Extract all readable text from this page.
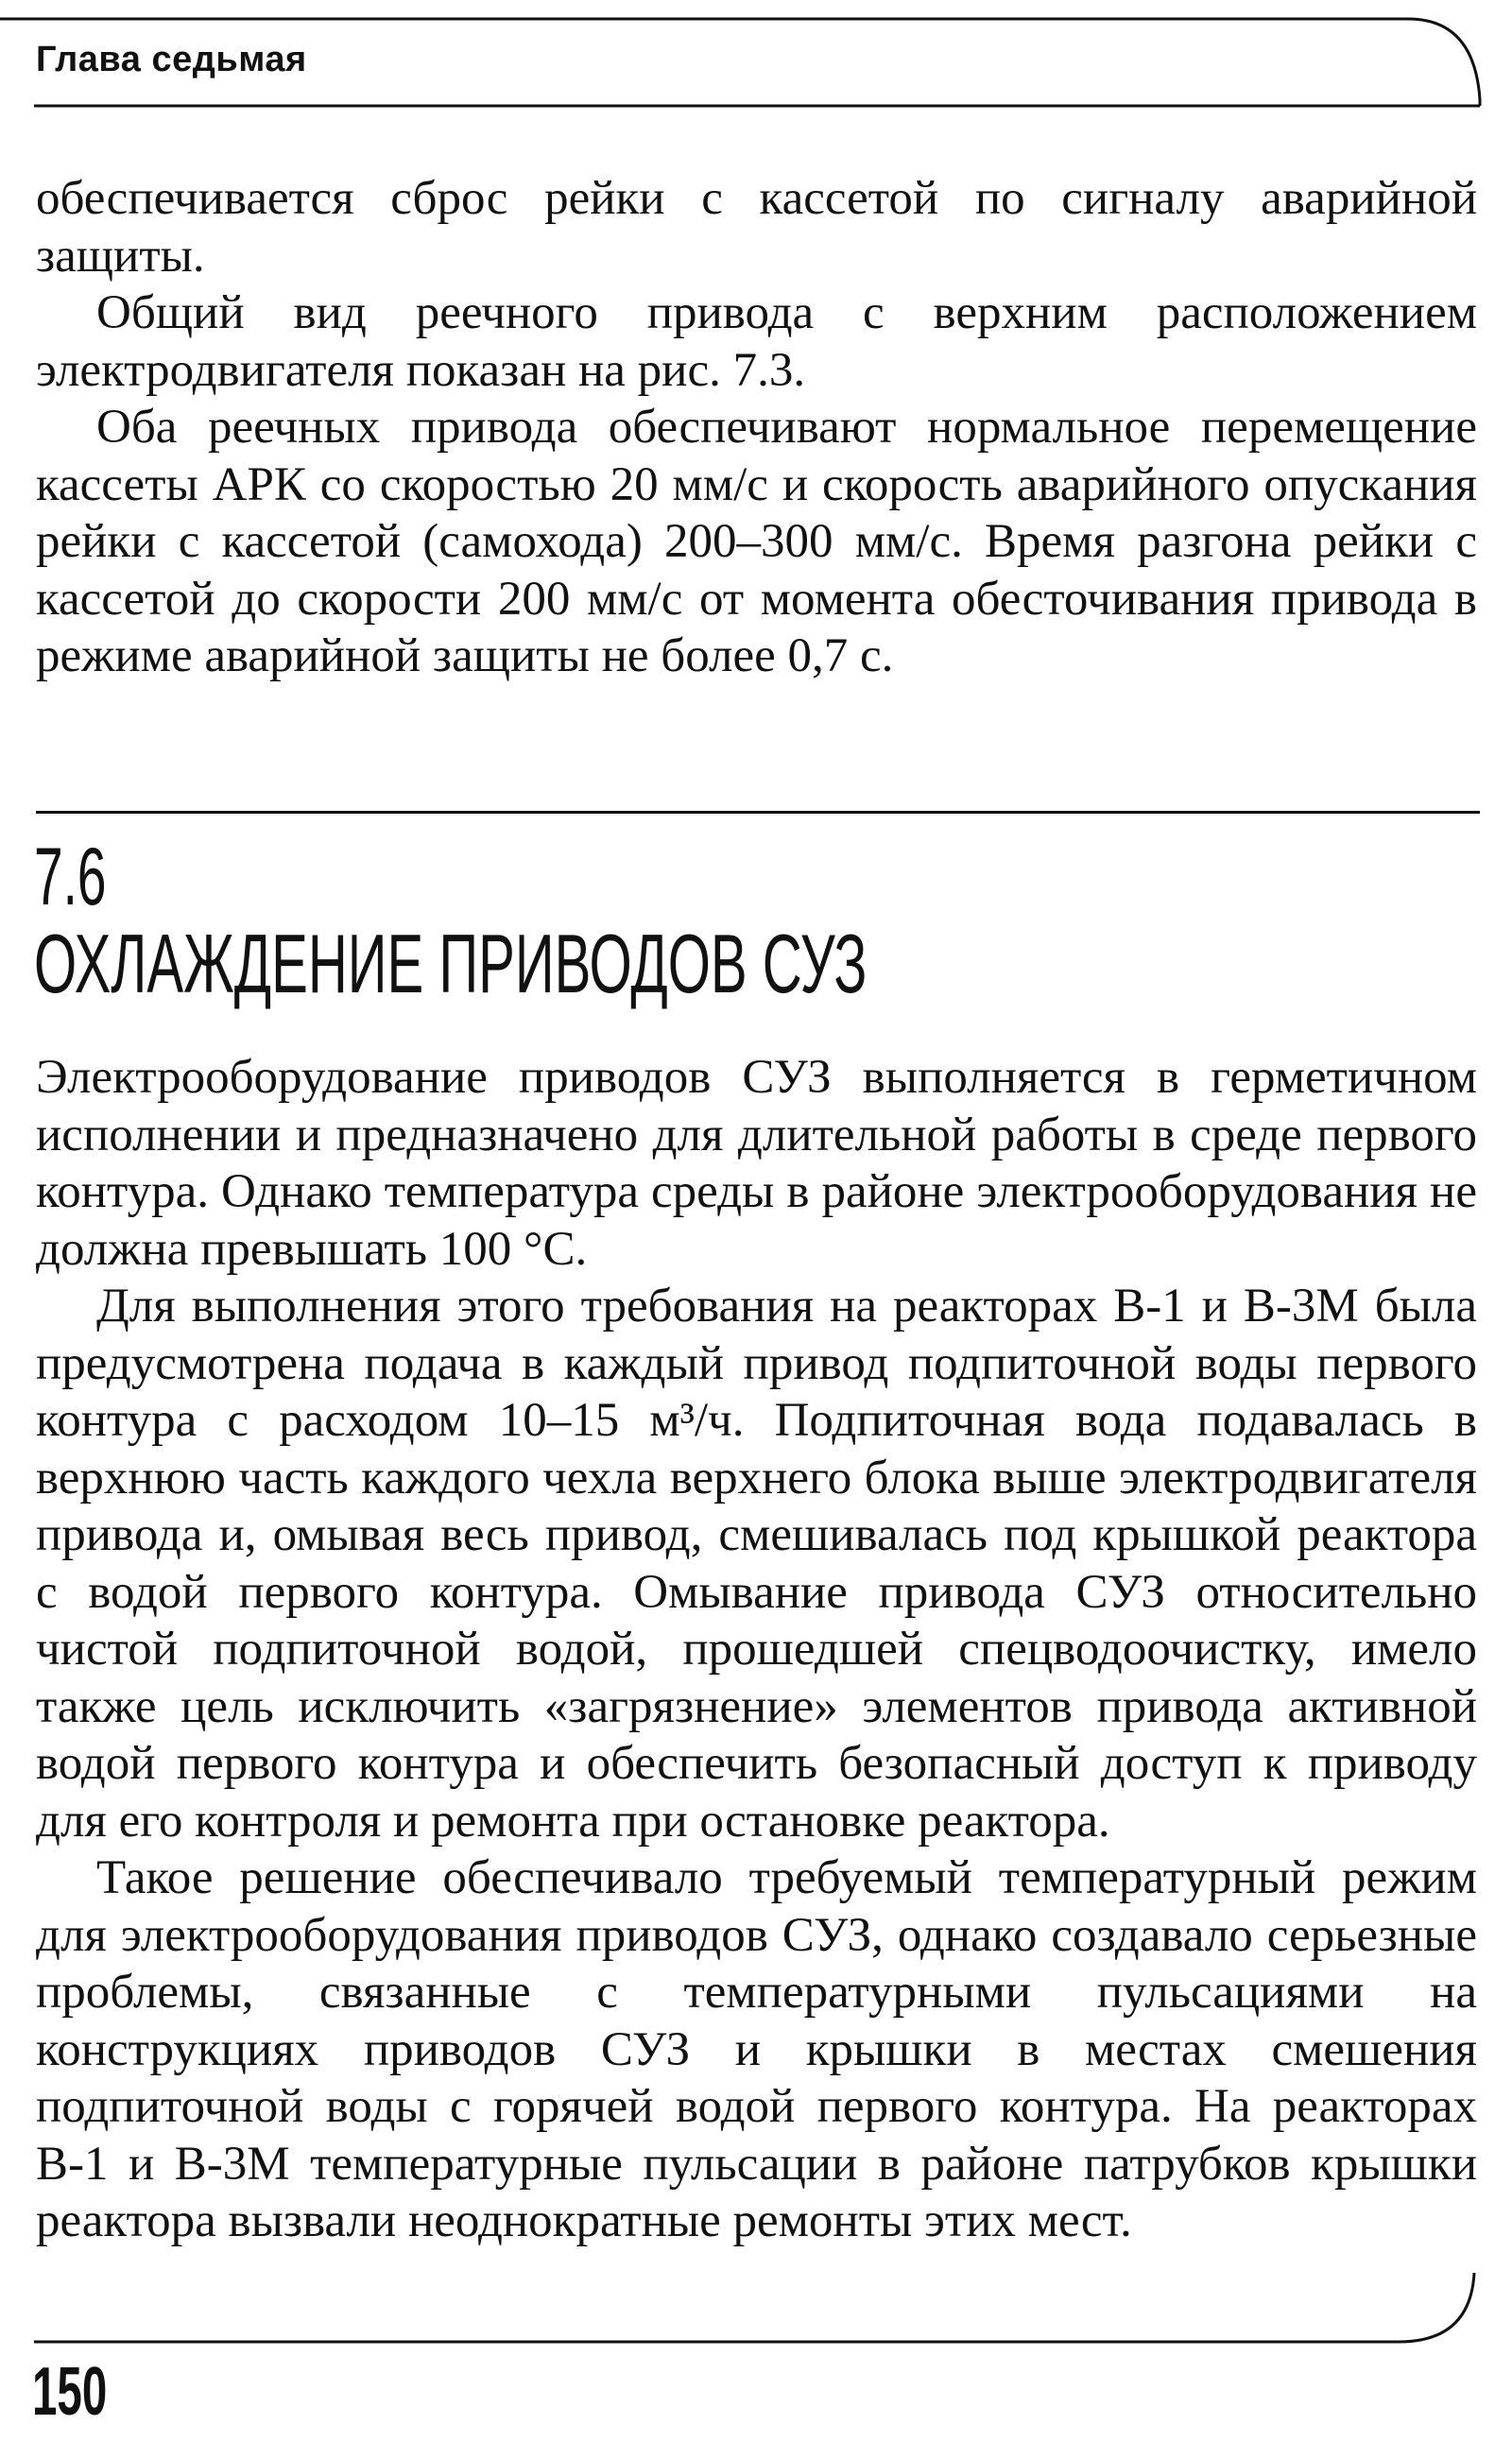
Глава седьмая

обеспечивается сброс рейки с кассетой по сигналу аварийной защиты.

Общий вид реечного привода с верхним расположением электродвигателя показан на рис. 7.3.

Оба реечных привода обеспечивают нормальное перемещение кассеты АРК со скоростью 20 мм/с и скорость аварийного опускания рейки с кассетой (самохода) 200–300 мм/с. Время разгона рейки с кассетой до скорости 200 мм/с от момента обесточивания привода в режиме аварийной защиты не более 0,7 с.

7.6
ОХЛАЖДЕНИЕ ПРИВОДОВ СУЗ

Электрооборудование приводов СУЗ выполняется в герметичном исполнении и предназначено для длительной работы в среде первого контура. Однако температура среды в районе электрооборудования не должна превышать 100 °C.

Для выполнения этого требования на реакторах В-1 и В-3М была предусмотрена подача в каждый привод подпиточной воды первого контура с расходом 10–15 м³/ч. Подпиточная вода подавалась в верхнюю часть каждого чехла верхнего блока выше электродвигателя привода и, омывая весь привод, смешивалась под крышкой реактора с водой первого контура. Омывание привода СУЗ относительно чистой подпиточной водой, прошедшей спецводоочистку, имело также цель исключить «загрязнение» элементов привода активной водой первого контура и обеспечить безопасный доступ к приводу для его контроля и ремонта при остановке реактора.

Такое решение обеспечивало требуемый температурный режим для электрооборудования приводов СУЗ, однако создавало серьезные проблемы, связанные с температурными пульсациями на конструкциях приводов СУЗ и крышки в местах смешения подпиточной воды с горячей водой первого контура. На реакторах В-1 и В-3М температурные пульсации в районе патрубков крышки реактора вызвали неоднократные ремонты этих мест.

150
